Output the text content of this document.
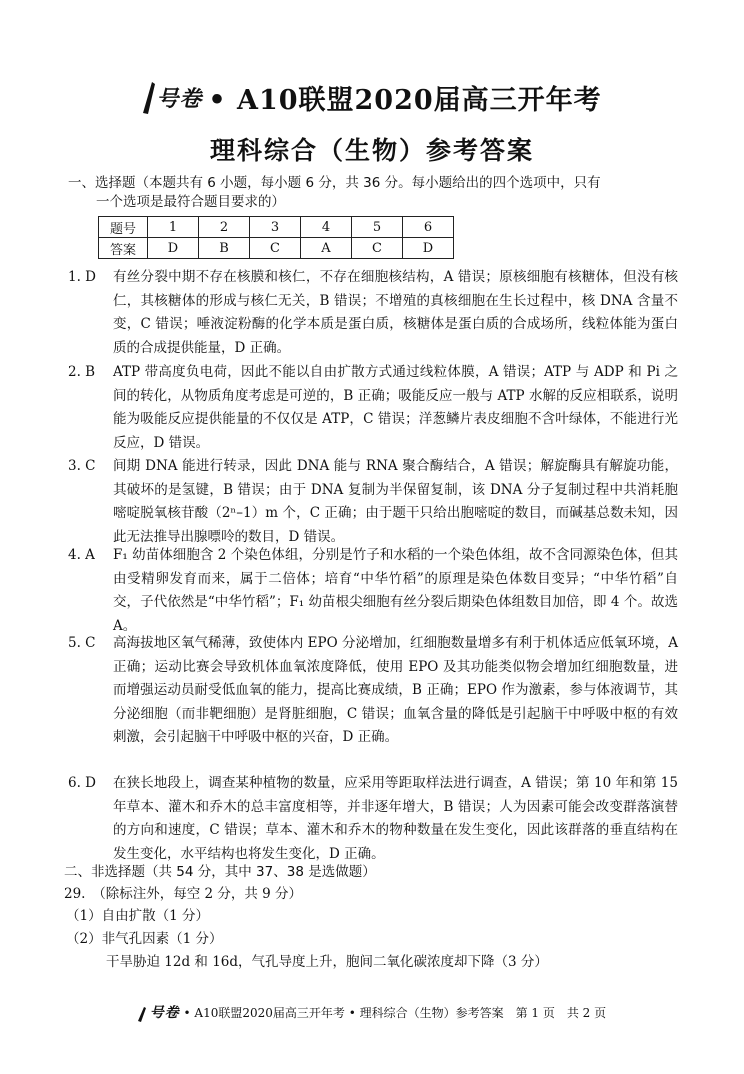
号卷 • A10联盟2020届高三开年考
理科综合（生物）参考答案
一、选择题（本题共有 6 小题，每小题 6 分，共 36 分。每小题给出的四个选项中，只有
一个选项是最符合题目要求的）
题号	1	2	3	4	5	6
答案	D	B	C	A	C	D
1. D	有丝分裂中期不存在核膜和核仁，不存在细胞核结构，A 错误；原核细胞有核糖体，但没有核仁，其核糖体的形成与核仁无关，B 错误；不增殖的真核细胞在生长过程中，核 DNA 含量不变，C 错误；唾液淀粉酶的化学本质是蛋白质，核糖体是蛋白质的合成场所，线粒体能为蛋白质的合成提供能量，D 正确。
2. B	ATP 带高度负电荷，因此不能以自由扩散方式通过线粒体膜，A 错误；ATP 与 ADP 和 Pi 之间的转化，从物质角度考虑是可逆的，B 正确；吸能反应一般与 ATP 水解的反应相联系，说明能为吸能反应提供能量的不仅仅是 ATP，C 错误；洋葱鳞片表皮细胞不含叶绿体，不能进行光反应，D 错误。
3. C	间期 DNA 能进行转录，因此 DNA 能与 RNA 聚合酶结合，A 错误；解旋酶具有解旋功能，其破坏的是氢键，B 错误；由于 DNA 复制为半保留复制，该 DNA 分子复制过程中共消耗胞嘧啶脱氧核苷酸（2ⁿ–1）m 个，C 正确；由于题干只给出胞嘧啶的数目，而碱基总数未知，因此无法推导出腺嘌呤的数目，D 错误。
4. A	F₁ 幼苗体细胞含 2 个染色体组，分别是竹子和水稻的一个染色体组，故不含同源染色体，但其由受精卵发育而来，属于二倍体；培育“中华竹稻”的原理是染色体数目变异；“中华竹稻”自交，子代依然是“中华竹稻”；F₁ 幼苗根尖细胞有丝分裂后期染色体组数目加倍，即 4 个。故选 A。
5. C	高海拔地区氧气稀薄，致使体内 EPO 分泌增加，红细胞数量增多有利于机体适应低氧环境，A 正确；运动比赛会导致机体血氧浓度降低，使用 EPO 及其功能类似物会增加红细胞数量，进而增强运动员耐受低血氧的能力，提高比赛成绩，B 正确；EPO 作为激素，参与体液调节，其分泌细胞（而非靶细胞）是肾脏细胞，C 错误；血氧含量的降低是引起脑干中呼吸中枢的有效刺激，会引起脑干中呼吸中枢的兴奋，D 正确。
6. D	在狭长地段上，调查某种植物的数量，应采用等距取样法进行调查，A 错误；第 10 年和第 15 年草本、灌木和乔木的总丰富度相等，并非逐年增大，B 错误；人为因素可能会改变群落演替的方向和速度，C 错误；草本、灌木和乔木的物种数量在发生变化，因此该群落的垂直结构在发生变化，水平结构也将发生变化，D 正确。
二、非选择题（共 54 分，其中 37、38 是选做题）
29.　（除标注外，每空 2 分，共 9 分）
（1）自由扩散（1 分）
（2）非气孔因素（1 分）
干旱胁迫 12d 和 16d，气孔导度上升，胞间二氧化碳浓度却下降（3 分）
号卷 • A10联盟2020届高三开年考 • 理科综合（生物）参考答案　第 1 页　共 2 页
